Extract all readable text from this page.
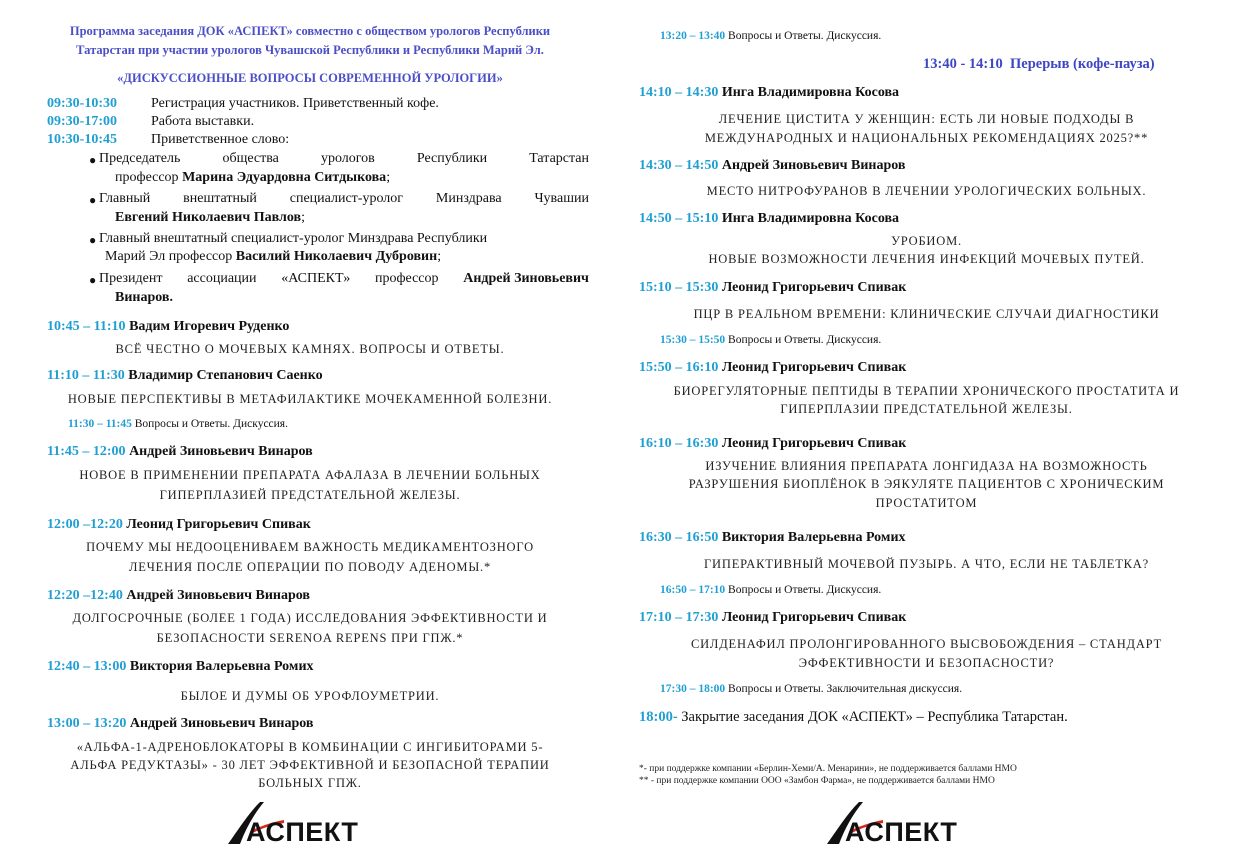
Программа заседания ДОК «АСПЕКТ» совместно с обществом урологов Республики
Татарстан при участии урологов Чувашской Республики и Республики Марий Эл.
«ДИСКУССИОННЫЕ ВОПРОСЫ СОВРЕМЕННОЙ УРОЛОГИИ»
09:30-10:30 Регистрация участников. Приветственный кофе.
09:30-17:00 Работа выставки.
10:30-10:45 Приветственное слово:
● Председатель	общества	урологов	Республики	Татарстан
профессор Марина Эдуардовна Ситдыкова;
● Главный внештатный специалист-уролог Минздрава Чувашии
Евгений Николаевич Павлов;
● Главный внештатный специалист-уролог Минздрава Республики
Марий Эл профессор Василий Николаевич Дубровин;
● Президент ассоциации «АСПЕКТ» профессор Андрей Зиновьевич
Винаров.
10:45 – 11:10 Вадим Игоревич Руденко
ВСЁ ЧЕСТНО О МОЧЕВЫХ КАМНЯХ. ВОПРОСЫ И ОТВЕТЫ.
11:10 – 11:30 Владимир Степанович Саенко
НОВЫЕ ПЕРСПЕКТИВЫ В МЕТАФИЛАКТИКЕ МОЧЕКАМЕННОЙ БОЛЕЗНИ.
11:30 – 11:45 Вопросы и Ответы. Дискуссия.
11:45 – 12:00 Андрей Зиновьевич Винаров
НОВОЕ В ПРИМЕНЕНИИ ПРЕПАРАТА АФАЛАЗА В ЛЕЧЕНИИ БОЛЬНЫХ
ГИПЕРПЛАЗИЕЙ ПРЕДСТАТЕЛЬНОЙ ЖЕЛЕЗЫ.
12:00 –12:20 Леонид Григорьевич Спивак
ПОЧЕМУ МЫ НЕДООЦЕНИВАЕМ ВАЖНОСТЬ МЕДИКАМЕНТОЗНОГО
ЛЕЧЕНИЯ ПОСЛЕ ОПЕРАЦИИ ПО ПОВОДУ АДЕНОМЫ.*
12:20 –12:40 Андрей Зиновьевич Винаров
ДОЛГОСРОЧНЫЕ (БОЛЕЕ 1 ГОДА) ИССЛЕДОВАНИЯ ЭФФЕКТИВНОСТИ И
БЕЗОПАСНОСТИ SERENOA REPENS ПРИ ГПЖ.*
12:40 – 13:00 Виктория Валерьевна Ромих
БЫЛОЕ И ДУМЫ ОБ УРОФЛОУМЕТРИИ.
13:00 – 13:20 Андрей Зиновьевич Винаров
«АЛЬФА-1-АДРЕНОБЛОКАТОРЫ В КОМБИНАЦИИ С ИНГИБИТОРАМИ 5-
АЛЬФА РЕДУКТАЗЫ» - 30 ЛЕТ ЭФФЕКТИВНОЙ И БЕЗОПАСНОЙ ТЕРАПИИ
БОЛЬНЫХ ГПЖ.
АСПЕКТ
13:20 – 13:40 Вопросы и Ответы. Дискуссия.
13:40 - 14:10 Перерыв (кофе-пауза)
14:10 – 14:30 Инга Владимировна Косова
ЛЕЧЕНИЕ ЦИСТИТА У ЖЕНЩИН: ЕСТЬ ЛИ НОВЫЕ ПОДХОДЫ В
МЕЖДУНАРОДНЫХ И НАЦИОНАЛЬНЫХ РЕКОМЕНДАЦИЯХ 2025?**
14:30 – 14:50 Андрей Зиновьевич Винаров
МЕСТО НИТРОФУРАНОВ В ЛЕЧЕНИИ УРОЛОГИЧЕСКИХ БОЛЬНЫХ.
14:50 – 15:10 Инга Владимировна Косова
УРОБИОМ.
НОВЫЕ ВОЗМОЖНОСТИ ЛЕЧЕНИЯ ИНФЕКЦИЙ МОЧЕВЫХ ПУТЕЙ.
15:10 – 15:30 Леонид Григорьевич Спивак
ПЦР В РЕАЛЬНОМ ВРЕМЕНИ: КЛИНИЧЕСКИЕ СЛУЧАИ ДИАГНОСТИКИ
15:30 – 15:50 Вопросы и Ответы. Дискуссия.
15:50 – 16:10 Леонид Григорьевич Спивак
БИОРЕГУЛЯТОРНЫЕ ПЕПТИДЫ В ТЕРАПИИ ХРОНИЧЕСКОГО ПРОСТАТИТА И
ГИПЕРПЛАЗИИ ПРЕДСТАТЕЛЬНОЙ ЖЕЛЕЗЫ.
16:10 – 16:30 Леонид Григорьевич Спивак
ИЗУЧЕНИЕ ВЛИЯНИЯ ПРЕПАРАТА ЛОНГИДАЗА НА ВОЗМОЖНОСТЬ
РАЗРУШЕНИЯ БИОПЛЁНОК В ЭЯКУЛЯТЕ ПАЦИЕНТОВ С ХРОНИЧЕСКИМ
ПРОСТАТИТОМ
16:30 – 16:50 Виктория Валерьевна Ромих
ГИПЕРАКТИВНЫЙ МОЧЕВОЙ ПУЗЫРЬ. А ЧТО, ЕСЛИ НЕ ТАБЛЕТКА?
16:50 – 17:10 Вопросы и Ответы. Дискуссия.
17:10 – 17:30 Леонид Григорьевич Спивак
СИЛДЕНАФИЛ ПРОЛОНГИРОВАННОГО ВЫСВОБОЖДЕНИЯ – СТАНДАРТ
ЭФФЕКТИВНОСТИ И БЕЗОПАСНОСТИ?
17:30 – 18:00 Вопросы и Ответы. Заключительная дискуссия.
18:00- Закрытие заседания ДОК «АСПЕКТ» – Республика Татарстан.
*- при поддержке компании «Берлин-Хеми/А. Менарини», не поддерживается баллами НМО
** - при поддержке компании ООО «Замбон Фарма», не поддерживается баллами НМО
АСПЕКТ
